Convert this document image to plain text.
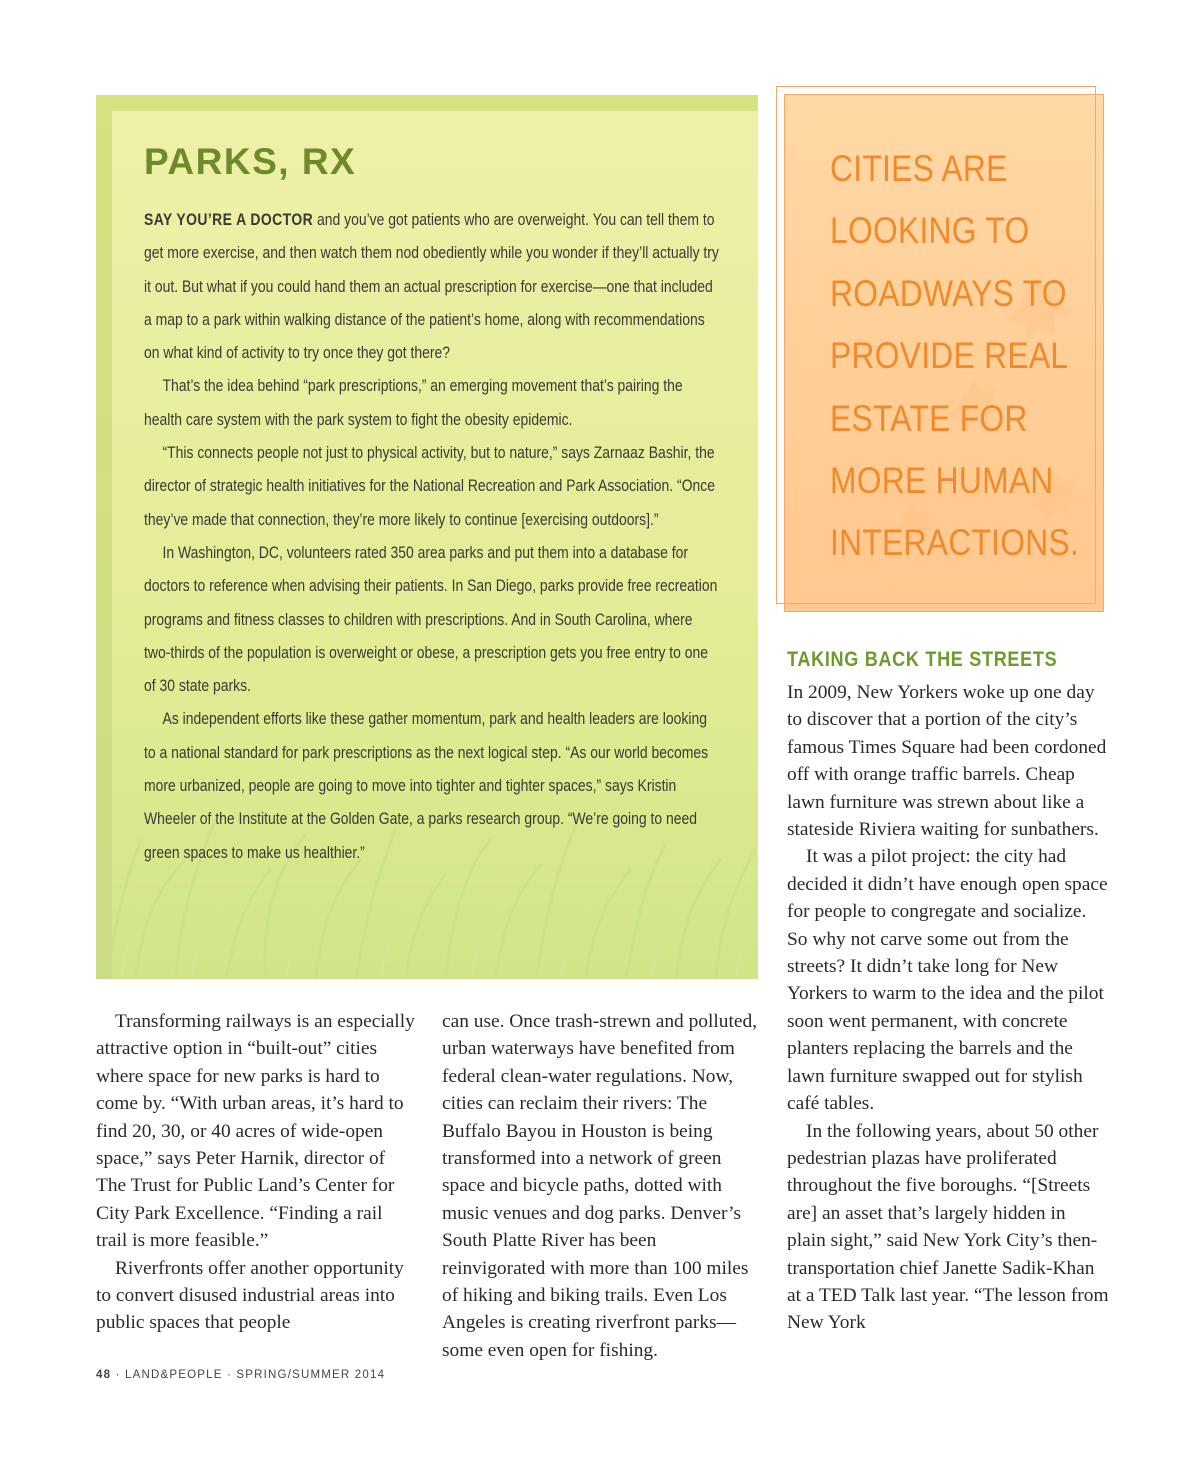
PARKS, RX

SAY YOU’RE A DOCTOR and you’ve got patients who are overweight. You can tell them to get more exercise, and then watch them nod obediently while you wonder if they’ll actually try it out. But what if you could hand them an actual prescription for exercise—one that included a map to a park within walking distance of the patient’s home, along with recommendations on what kind of activity to try once they got there?

That’s the idea behind “park prescriptions,” an emerging movement that’s pairing the health care system with the park system to fight the obesity epidemic.

“This connects people not just to physical activity, but to nature,” says Zarnaaz Bashir, the director of strategic health initiatives for the National Recreation and Park Association. “Once they’ve made that connection, they’re more likely to continue [exercising outdoors].”

In Washington, DC, volunteers rated 350 area parks and put them into a database for doctors to reference when advising their patients. In San Diego, parks provide free recreation programs and fitness classes to children with prescriptions. And in South Carolina, where two-thirds of the population is overweight or obese, a prescription gets you free entry to one of 30 state parks.

As independent efforts like these gather momentum, park and health leaders are looking to a national standard for park prescriptions as the next logical step. “As our world becomes more urbanized, people are going to move into tighter and tighter spaces,” says Kristin Wheeler of the Institute at the Golden Gate, a parks research group. “We’re going to need green spaces to make us healthier.”

CITIES ARE LOOKING TO ROADWAYS TO PROVIDE REAL ESTATE FOR MORE HUMAN INTERACTIONS.

Transforming railways is an especially attractive option in “built-out” cities where space for new parks is hard to come by. “With urban areas, it’s hard to find 20, 30, or 40 acres of wide-open space,” says Peter Harnik, director of The Trust for Public Land’s Center for City Park Excellence. “Finding a rail trail is more feasible.”

Riverfronts offer another opportunity to convert disused industrial areas into public spaces that people

can use. Once trash-strewn and polluted, urban waterways have benefited from federal clean-water regulations. Now, cities can reclaim their rivers: The Buffalo Bayou in Houston is being transformed into a network of green space and bicycle paths, dotted with music venues and dog parks. Denver’s South Platte River has been reinvigorated with more than 100 miles of hiking and biking trails. Even Los Angeles is creating riverfront parks—some even open for fishing.

TAKING BACK THE STREETS

In 2009, New Yorkers woke up one day to discover that a portion of the city’s famous Times Square had been cordoned off with orange traffic barrels. Cheap lawn furniture was strewn about like a stateside Riviera waiting for sunbathers.

It was a pilot project: the city had decided it didn’t have enough open space for people to congregate and socialize. So why not carve some out from the streets? It didn’t take long for New Yorkers to warm to the idea and the pilot soon went permanent, with concrete planters replacing the barrels and the lawn furniture swapped out for stylish café tables.

In the following years, about 50 other pedestrian plazas have proliferated throughout the five boroughs. “[Streets are] an asset that’s largely hidden in plain sight,” said New York City’s then-transportation chief Janette Sadik-Khan at a TED Talk last year. “The lesson from New York

48 · LAND&PEOPLE · SPRING/SUMMER 2014
